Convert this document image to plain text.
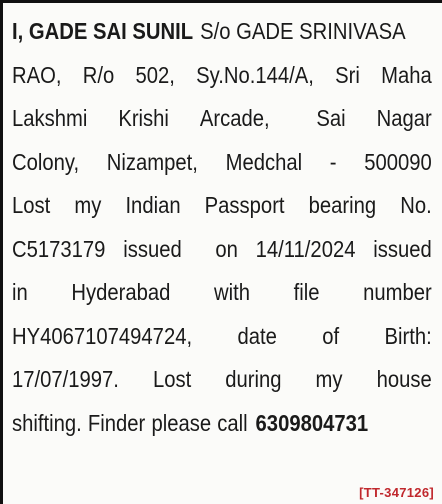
I, GADE SAI SUNIL S/o GADE SRINIVASA
RAO, R/o 502, Sy.No.144/A, Sri Maha
Lakshmi Krishi Arcade, Sai Nagar
Colony, Nizampet, Medchal - 500090
Lost my Indian Passport bearing No.
C5173179 issued on 14/11/2024 issued
in Hyderabad with file number
HY4067107494724, date of Birth:
17/07/1997. Lost during my house
shifting. Finder please call 6309804731
[TT-347126]
